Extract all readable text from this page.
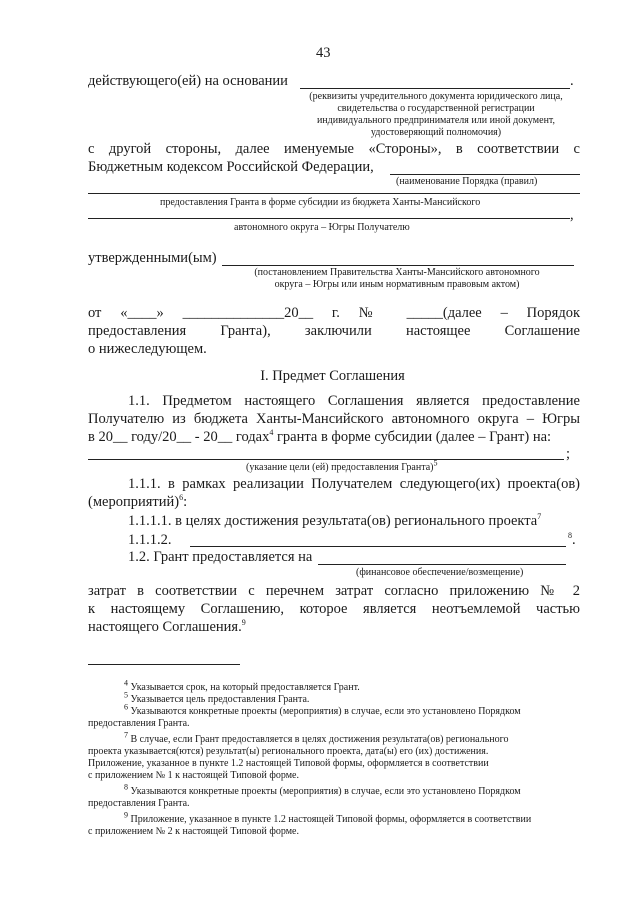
43
действующего(ей) на основании	.
(реквизиты учредительного документа юридического лица,
свидетельства о государственной регистрации
индивидуального предпринимателя или иной документ,
удостоверяющий полномочия)
с другой стороны, далее именуемые «Стороны», в соответствии с
Бюджетным кодексом Российской Федерации,
(наименование Порядка (правил)
предоставления Гранта в форме субсидии из бюджета Ханты-Мансийского
,
автономного округа – Югры Получателю
утвержденными(ым)
(постановлением Правительства Ханты-Мансийского автономного
округа – Югры или иным нормативным правовым актом)
от «____» ______________20__ г. № _____(далее – Порядок
предоставления Гранта), заключили настоящее Соглашение
о нижеследующем.
I. Предмет Соглашения
1.1. Предметом настоящего Соглашения является предоставление
Получателю из бюджета Ханты-Мансийского автономного округа – Югры
в 20__ году/20__ - 20__ годах$^4$ гранта в форме субсидии (далее – Грант) на:
;
(указание цели (ей) предоставления Гранта)$^5$
1.1.1. в рамках реализации Получателем следующего(их) проекта(ов)
(мероприятий)$^6$:
1.1.1.1. в целях достижения результата(ов) регионального проекта$^7$
1.1.1.2.	$^8$.
1.2. Грант предоставляется на
(финансовое обеспечение/возмещение)
затрат в соответствии с перечнем затрат согласно приложению № 2
к настоящему Соглашению, которое является неотъемлемой частью
настоящего Соглашения.$^9$
$^4$ Указывается срок, на который предоставляется Грант.
$^5$ Указывается цель предоставления Гранта.
$^6$ Указываются конкретные проекты (мероприятия) в случае, если это установлено Порядком
предоставления Гранта.
$^7$ В случае, если Грант предоставляется в целях достижения результата(ов) регионального
проекта указывается(ются) результат(ы) регионального проекта, дата(ы) его (их) достижения.
Приложение, указанное в пункте 1.2 настоящей Типовой формы, оформляется в соответствии
с приложением № 1 к настоящей Типовой форме.
$^8$ Указываются конкретные проекты (мероприятия) в случае, если это установлено Порядком
предоставления Гранта.
$^9$ Приложение, указанное в пункте 1.2 настоящей Типовой формы, оформляется в соответствии
с приложением № 2 к настоящей Типовой форме.
